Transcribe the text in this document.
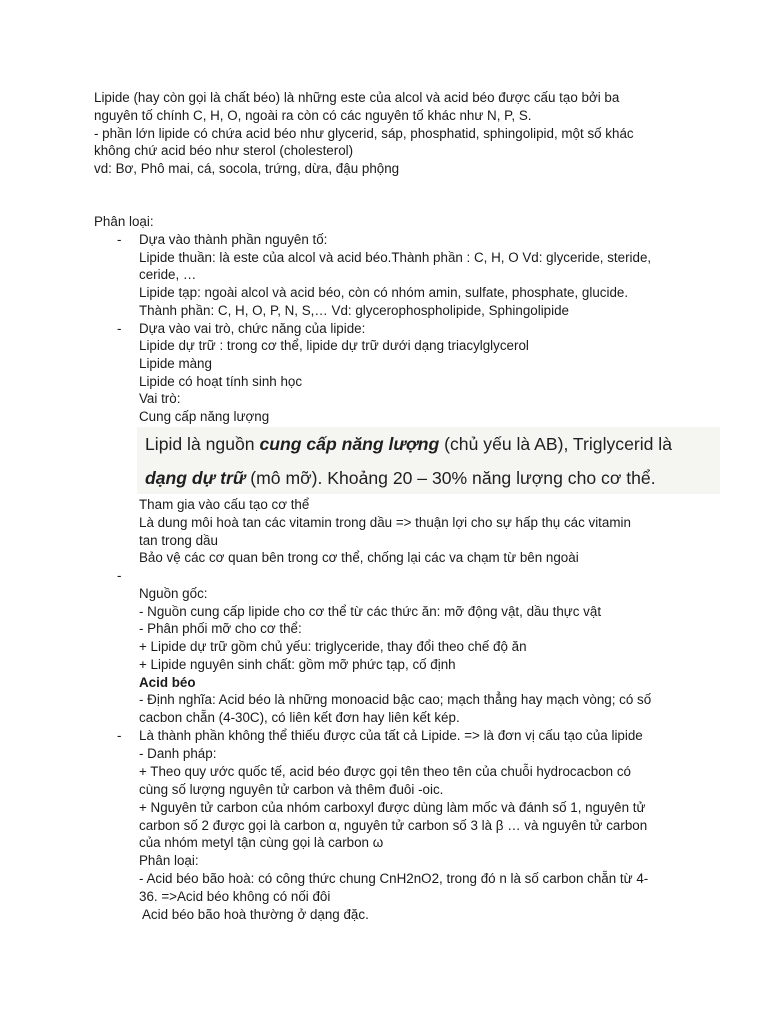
Lipide (hay còn gọi là chất béo) là những este của alcol và acid béo được cấu tạo bởi ba
nguyên tố chính C, H, O, ngoài ra còn có các nguyên tố khác như N, P, S.
- phần lớn lipide có chứa acid béo như glycerid, sáp, phosphatid, sphingolipid, một số khác
không chứ acid béo như sterol (cholesterol)
vd: Bơ, Phô mai, cá, socola, trứng, dừa, đậu phộng
Phân loại:
- Dựa vào thành phần nguyên tố:
Lipide thuần: là este của alcol và acid béo.Thành phần : C, H, O Vd: glyceride, steride,
ceride, …
Lipide tạp: ngoài alcol và acid béo, còn có nhóm amin, sulfate, phosphate, glucide.
Thành phần: C, H, O, P, N, S,… Vd: glycerophospholipide, Sphingolipide
- Dựa vào vai trò, chức năng của lipide:
Lipide dự trữ : trong cơ thể, lipide dự trữ dưới dạng triacylglycerol
Lipide màng
Lipide có hoạt tính sinh học
Vai trò:
Cung cấp năng lượng
Lipid là nguồn cung cấp năng lượng (chủ yếu là AB), Triglycerid là
dạng dự trữ (mô mỡ). Khoảng 20 – 30% năng lượng cho cơ thể.
Tham gia vào cấu tạo cơ thể
Là dung môi hoà tan các vitamin trong dầu => thuận lợi cho sự hấp thụ các vitamin
tan trong dầu
Bảo vệ các cơ quan bên trong cơ thể, chống lại các va chạm từ bên ngoài
-
Nguồn gốc:
- Nguồn cung cấp lipide cho cơ thể từ các thức ăn: mỡ động vật, dầu thực vật
- Phân phối mỡ cho cơ thể:
+ Lipide dự trữ gồm chủ yếu: triglyceride, thay đổi theo chế độ ăn
+ Lipide nguyên sinh chất: gồm mỡ phức tạp, cố định
Acid béo
- Định nghĩa: Acid béo là những monoacid bậc cao; mạch thẳng hay mạch vòng; có số
cacbon chẵn (4-30C), có liên kết đơn hay liên kết kép.
- Là thành phần không thể thiếu được của tất cả Lipide. => là đơn vị cấu tạo của lipide
- Danh pháp:
+ Theo quy ước quốc tế, acid béo được gọi tên theo tên của chuỗi hydrocacbon có
cùng số lượng nguyên tử carbon và thêm đuôi -oic.
+ Nguyên tử carbon của nhóm carboxyl được dùng làm mốc và đánh số 1, nguyên tử
carbon số 2 được gọi là carbon α, nguyên tử carbon số 3 là β … và nguyên tử carbon
của nhóm metyl tận cùng gọi là carbon ω
Phân loại:
- Acid béo bão hoà: có công thức chung CnH2nO2, trong đó n là số carbon chẵn từ 4-
36. =>Acid béo không có nối đôi
Acid béo bão hoà thường ở dạng đặc.
